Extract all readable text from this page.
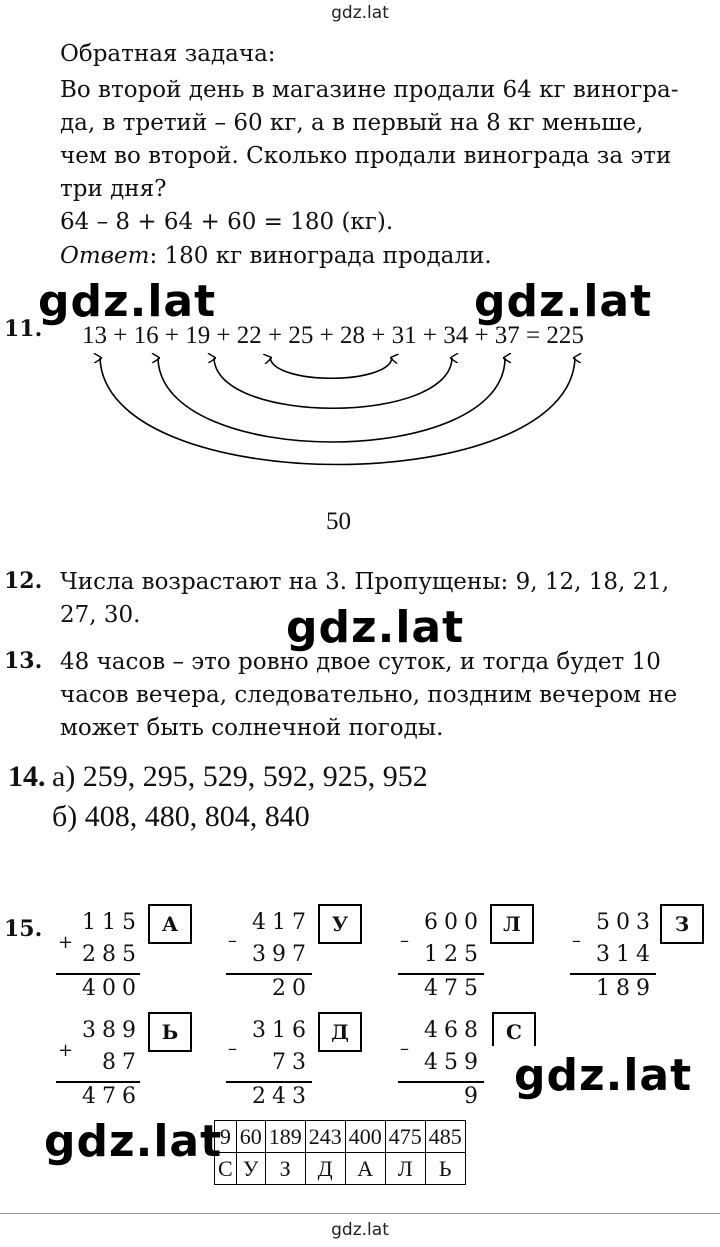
gdz.lat
Обратная задача:
Во второй день в магазине продали 64 кг виногра-
да, в третий – 60 кг, а в первый на 8 кг меньше,
чем во второй. Сколько продали винограда за эти
три дня?
64 – 8 + 64 + 60 = 180 (кг).
Ответ: 180 кг винограда продали.
gdz.lat	gdz.lat
gdz.lat
gdz.lat
gdz.lat
11. 13 + 16 + 19 + 22 + 25 + 28 + 31 + 34 + 37 = 225
50
12. Числа возрастают на 3. Пропущены: 9, 12, 18, 21,
27, 30.
13. 48 часов – это ровно двое суток, и тогда будет 10
часов вечера, следовательно, поздним вечером не
может быть солнечной погоды.
14. а) 259, 295, 529, 592, 925, 952
б) 408, 480, 804, 840
15.	115
+ 285
400
А	417
–
397
20
У	600
–
125
475
Л	503
–
314
189
З
389
+	87
476
Ь	316
–
73
243
Д	468
–
459
9
С
9	60	189	243	400	475	485
С	У	З	Д	А	Л	Ь
gdz.lat
